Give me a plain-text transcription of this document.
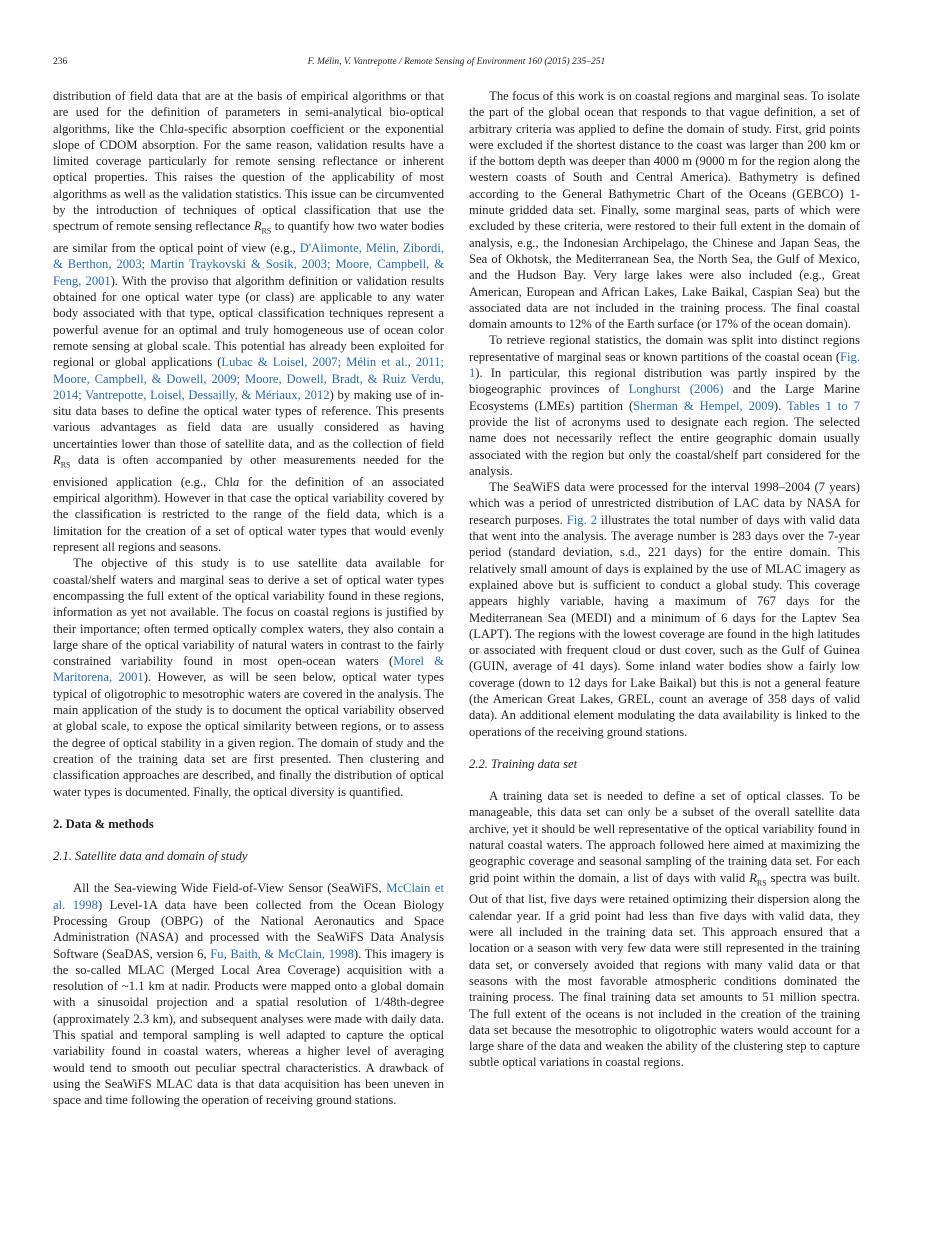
236	F. Mélin, V. Vantrepotte / Remote Sensing of Environment 160 (2015) 235–251

distribution of field data that are at the basis of empirical algorithms or that are used for the definition of parameters in semi-analytical bio-optical algorithms, like the Chla-specific absorption coefficient or the exponential slope of CDOM absorption. For the same reason, validation results have a limited coverage particularly for remote sensing reflectance or inherent optical properties. This raises the question of the applicability of most algorithms as well as the validation statistics. This issue can be circumvented by the introduction of techniques of optical classification that use the spectrum of remote sensing reflectance $R_{RS}$ to quantify how two water bodies are similar from the optical point of view (e.g., D'Alimonte, Mélin, Zibordi, & Berthon, 2003; Martin Traykovski & Sosik, 2003; Moore, Campbell, & Feng, 2001). With the proviso that algorithm definition or validation results obtained for one optical water type (or class) are applicable to any water body associated with that type, optical classification techniques represent a powerful avenue for an optimal and truly homogeneous use of ocean color remote sensing at global scale. This potential has already been exploited for regional or global applications (Lubac & Loisel, 2007; Mélin et al., 2011; Moore, Campbell, & Dowell, 2009; Moore, Dowell, Bradt, & Ruiz Verdu, 2014; Vantrepotte, Loisel, Dessailly, & Mériaux, 2012) by making use of in-situ data bases to define the optical water types of reference. This presents various advantages as field data are usually considered as having uncertainties lower than those of satellite data, and as the collection of field $R_{RS}$ data is often accompanied by other measurements needed for the envisioned application (e.g., Chla for the definition of an associated empirical algorithm). However in that case the optical variability covered by the classification is restricted to the range of the field data, which is a limitation for the creation of a set of optical water types that would evenly represent all regions and seasons.

The objective of this study is to use satellite data available for coastal/shelf waters and marginal seas to derive a set of optical water types encompassing the full extent of the optical variability found in these regions, information as yet not available. The focus on coastal regions is justified by their importance; often termed optically complex waters, they also contain a large share of the optical variability of natural waters in contrast to the fairly constrained variability found in most open-ocean waters (Morel & Maritorena, 2001). However, as will be seen below, optical water types typical of oligotrophic to mesotrophic waters are covered in the analysis. The main application of the study is to document the optical variability observed at global scale, to expose the optical similarity between regions, or to assess the degree of optical stability in a given region. The domain of study and the creation of the training data set are first presented. Then clustering and classification approaches are described, and finally the distribution of optical water types is documented. Finally, the optical diversity is quantified.

2. Data & methods
2.1. Satellite data and domain of study

All the Sea-viewing Wide Field-of-View Sensor (SeaWiFS, McClain et al. 1998) Level-1A data have been collected from the Ocean Biology Processing Group (OBPG) of the National Aeronautics and Space Administration (NASA) and processed with the SeaWiFS Data Analysis Software (SeaDAS, version 6, Fu, Baith, & McClain, 1998). This imagery is the so-called MLAC (Merged Local Area Coverage) acquisition with a resolution of ~1.1 km at nadir. Products were mapped onto a global domain with a sinusoidal projection and a spatial resolution of 1/48th-degree (approximately 2.3 km), and subsequent analyses were made with daily data. This spatial and temporal sampling is well adapted to capture the optical variability found in coastal waters, whereas a higher level of averaging would tend to smooth out peculiar spectral characteristics. A drawback of using the SeaWiFS MLAC data is that data acquisition has been uneven in space and time following the operation of receiving ground stations.

The focus of this work is on coastal regions and marginal seas. To isolate the part of the global ocean that responds to that vague definition, a set of arbitrary criteria was applied to define the domain of study. First, grid points were excluded if the shortest distance to the coast was larger than 200 km or if the bottom depth was deeper than 4000 m (9000 m for the region along the western coasts of South and Central America). Bathymetry is defined according to the General Bathymetric Chart of the Oceans (GEBCO) 1-minute gridded data set. Finally, some marginal seas, parts of which were excluded by these criteria, were restored to their full extent in the domain of analysis, e.g., the Indonesian Archipelago, the Chinese and Japan Seas, the Sea of Okhotsk, the Mediterranean Sea, the North Sea, the Gulf of Mexico, and the Hudson Bay. Very large lakes were also included (e.g., Great American, European and African Lakes, Lake Baikal, Caspian Sea) but the associated data are not included in the training process. The final coastal domain amounts to 12% of the Earth surface (or 17% of the ocean domain).

To retrieve regional statistics, the domain was split into distinct regions representative of marginal seas or known partitions of the coastal ocean (Fig. 1). In particular, this regional distribution was partly inspired by the biogeographic provinces of Longhurst (2006) and the Large Marine Ecosystems (LMEs) partition (Sherman & Hempel, 2009). Tables 1 to 7 provide the list of acronyms used to designate each region. The selected name does not necessarily reflect the entire geographic domain usually associated with the region but only the coastal/shelf part considered for the analysis.

The SeaWiFS data were processed for the interval 1998–2004 (7 years) which was a period of unrestricted distribution of LAC data by NASA for research purposes. Fig. 2 illustrates the total number of days with valid data that went into the analysis. The average number is 283 days over the 7-year period (standard deviation, s.d., 221 days) for the entire domain. This relatively small amount of days is explained by the use of MLAC imagery as explained above but is sufficient to conduct a global study. This coverage appears highly variable, having a maximum of 767 days for the Mediterranean Sea (MEDI) and a minimum of 6 days for the Laptev Sea (LAPT). The regions with the lowest coverage are found in the high latitudes or associated with frequent cloud or dust cover, such as the Gulf of Guinea (GUIN, average of 41 days). Some inland water bodies show a fairly low coverage (down to 12 days for Lake Baikal) but this is not a general feature (the American Great Lakes, GREL, count an average of 358 days of valid data). An additional element modulating the data availability is linked to the operations of the receiving ground stations.

2.2. Training data set

A training data set is needed to define a set of optical classes. To be manageable, this data set can only be a subset of the overall satellite data archive, yet it should be well representative of the optical variability found in natural coastal waters. The approach followed here aimed at maximizing the geographic coverage and seasonal sampling of the training data set. For each grid point within the domain, a list of days with valid $R_{RS}$ spectra was built. Out of that list, five days were retained optimizing their dispersion along the calendar year. If a grid point had less than five days with valid data, they were all included in the training data set. This approach ensured that a location or a season with very few data were still represented in the training data set, or conversely avoided that regions with many valid data or that seasons with the most favorable atmospheric conditions dominated the training process. The final training data set amounts to 51 million spectra. The full extent of the oceans is not included in the creation of the training data set because the mesotrophic to oligotrophic waters would account for a large share of the data and weaken the ability of the clustering step to capture subtle optical variations in coastal regions.
